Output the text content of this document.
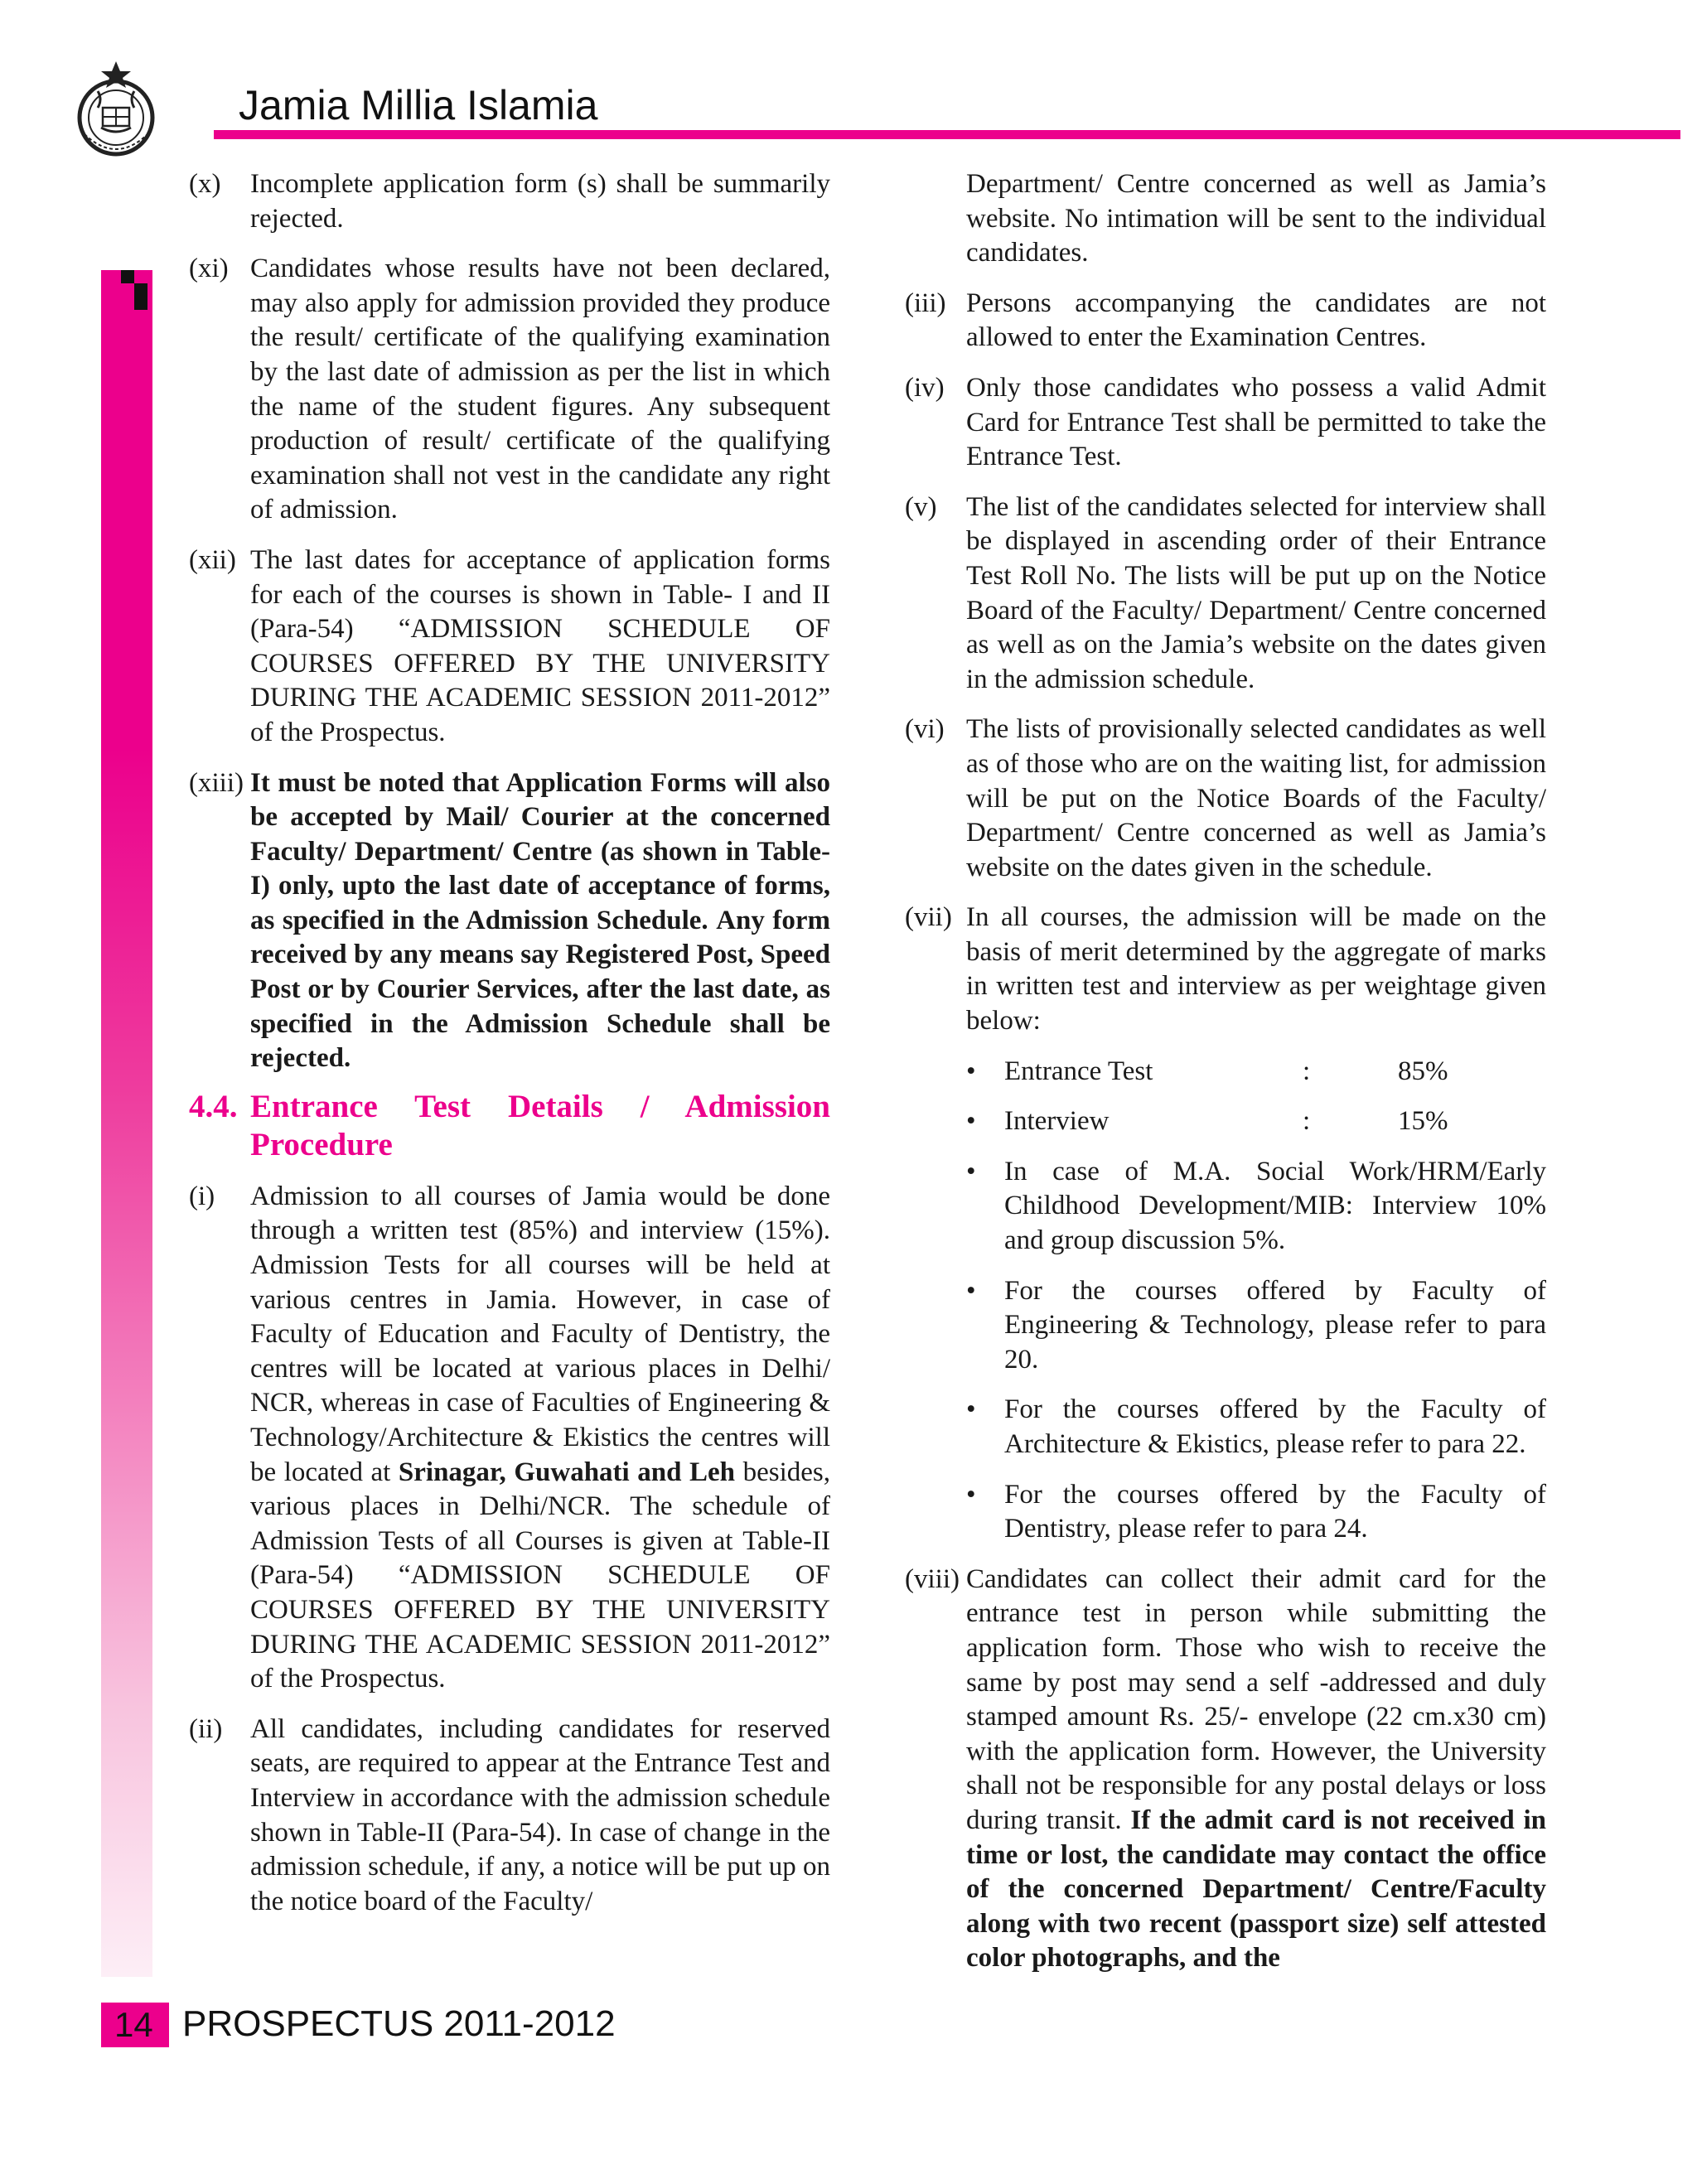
Jamia Millia Islamia
(x) Incomplete application form (s) shall be summarily rejected.
(xi) Candidates whose results have not been declared, may also apply for admission provided they produce the result/ certificate of the qualifying examination by the last date of admission as per the list in which the name of the student figures. Any subsequent production of result/ certificate of the qualifying examination shall not vest in the candidate any right of admission.
(xii) The last dates for acceptance of application forms for each of the courses is shown in Table- I and II (Para-54) “ADMISSION SCHEDULE OF COURSES OFFERED BY THE UNIVERSITY DURING THE ACADEMIC SESSION 2011-2012” of the Prospectus.
(xiii) It must be noted that Application Forms will also be accepted by Mail/ Courier at the concerned Faculty/ Department/ Centre (as shown in Table-I) only, upto the last date of acceptance of forms, as specified in the Admission Schedule. Any form received by any means say Registered Post, Speed Post or by Courier Services, after the last date, as specified in the Admission Schedule shall be rejected.
4.4. Entrance Test Details / Admission Procedure
(i) Admission to all courses of Jamia would be done through a written test (85%) and interview (15%). Admission Tests for all courses will be held at various centres in Jamia. However, in case of Faculty of Education and Faculty of Dentistry, the centres will be located at various places in Delhi/ NCR, whereas in case of Faculties of Engineering & Technology/Architecture & Ekistics the centres will be located at Srinagar, Guwahati and Leh besides, various places in Delhi/NCR. The schedule of Admission Tests of all Courses is given at Table-II (Para-54) “ADMISSION SCHEDULE OF COURSES OFFERED BY THE UNIVERSITY DURING THE ACADEMIC SESSION 2011-2012” of the Prospectus.
(ii) All candidates, including candidates for reserved seats, are required to appear at the Entrance Test and Interview in accordance with the admission schedule shown in Table-II (Para-54). In case of change in the admission schedule, if any, a notice will be put up on the notice board of the Faculty/
Department/ Centre concerned as well as Jamia’s website. No intimation will be sent to the individual candidates.
(iii) Persons accompanying the candidates are not allowed to enter the Examination Centres.
(iv) Only those candidates who possess a valid Admit Card for Entrance Test shall be permitted to take the Entrance Test.
(v) The list of the candidates selected for interview shall be displayed in ascending order of their Entrance Test Roll No. The lists will be put up on the Notice Board of the Faculty/ Department/ Centre concerned as well as on the Jamia’s website on the dates given in the admission schedule.
(vi) The lists of provisionally selected candidates as well as of those who are on the waiting list, for admission will be put on the Notice Boards of the Faculty/ Department/ Centre concerned as well as Jamia’s website on the dates given in the schedule.
(vii) In all courses, the admission will be made on the basis of merit determined by the aggregate of marks in written test and interview as per weightage given below:
• Entrance Test	:	85%
• Interview	:	15%
• In case of M.A. Social Work/HRM/Early Childhood Development/MIB: Interview 10% and group discussion 5%.
• For the courses offered by Faculty of Engineering & Technology, please refer to para 20.
• For the courses offered by the Faculty of Architecture & Ekistics, please refer to para 22.
• For the courses offered by the Faculty of Dentistry, please refer to para 24.
(viii) Candidates can collect their admit card for the entrance test in person while submitting the application form. Those who wish to receive the same by post may send a self -addressed and duly stamped amount Rs. 25/- envelope (22 cm.x30 cm) with the application form. However, the University shall not be responsible for any postal delays or loss during transit. If the admit card is not received in time or lost, the candidate may contact the office of the concerned Department/ Centre/Faculty along with two recent (passport size) self attested color photographs, and the
14 PROSPECTUS 2011-2012
